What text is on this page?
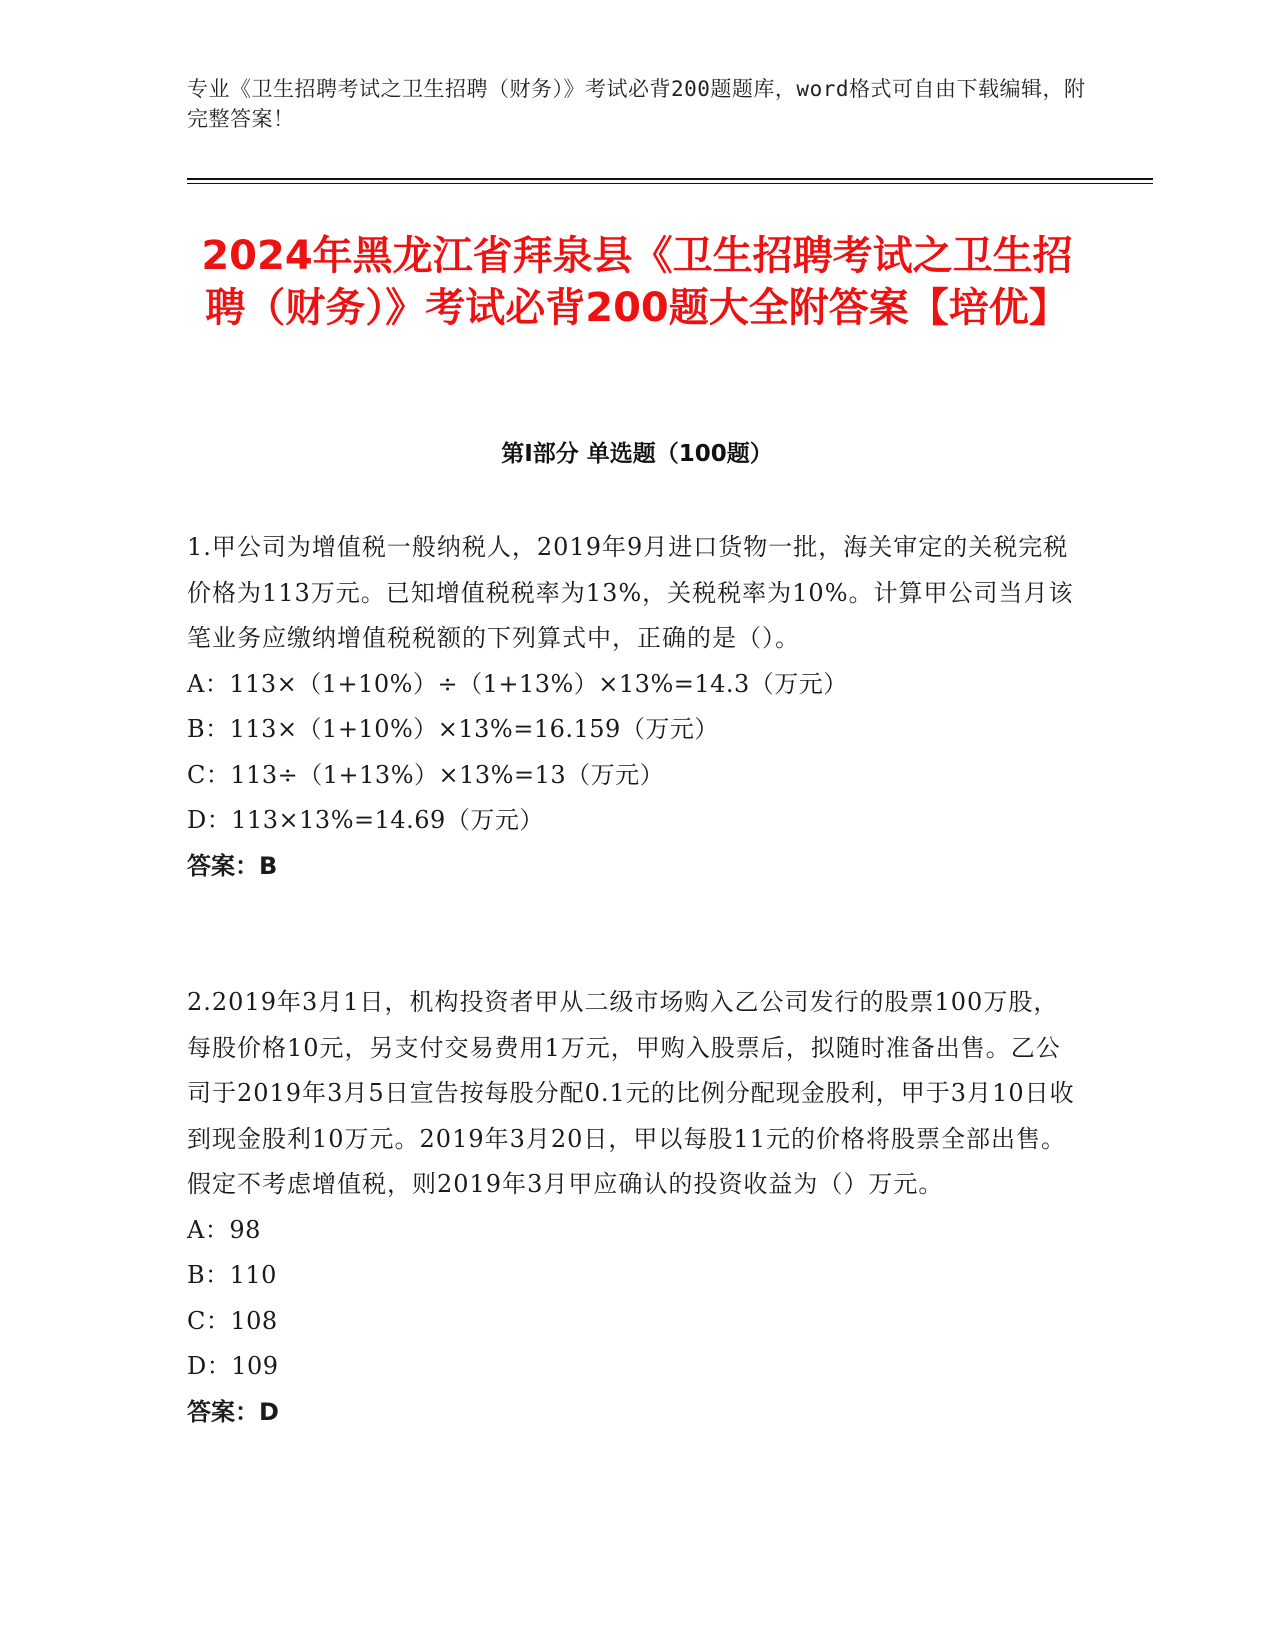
专业《卫生招聘考试之卫生招聘（财务）》考试必背200题题库，word格式可自由下载编辑，附完整答案！
2024年黑龙江省拜泉县《卫生招聘考试之卫生招聘（财务）》考试必背200题大全附答案【培优】
第Ⅰ部分 单选题（100题）
1.甲公司为增值税一般纳税人，2019年9月进口货物一批，海关审定的关税完税价格为113万元。已知增值税税率为13%，关税税率为10%。计算甲公司当月该笔业务应缴纳增值税税额的下列算式中，正确的是（）。
A：113×（1+10%）÷（1+13%）×13%=14.3（万元）
B：113×（1+10%）×13%=16.159（万元）
C：113÷（1+13%）×13%=13（万元）
D：113×13%=14.69（万元）
答案：B
2.2019年3月1日，机构投资者甲从二级市场购入乙公司发行的股票100万股，每股价格10元，另支付交易费用1万元，甲购入股票后，拟随时准备出售。乙公司于2019年3月5日宣告按每股分配0.1元的比例分配现金股利，甲于3月10日收到现金股利10万元。2019年3月20日，甲以每股11元的价格将股票全部出售。假定不考虑增值税，则2019年3月甲应确认的投资收益为（）万元。
A：98
B：110
C：108
D：109
答案：D
